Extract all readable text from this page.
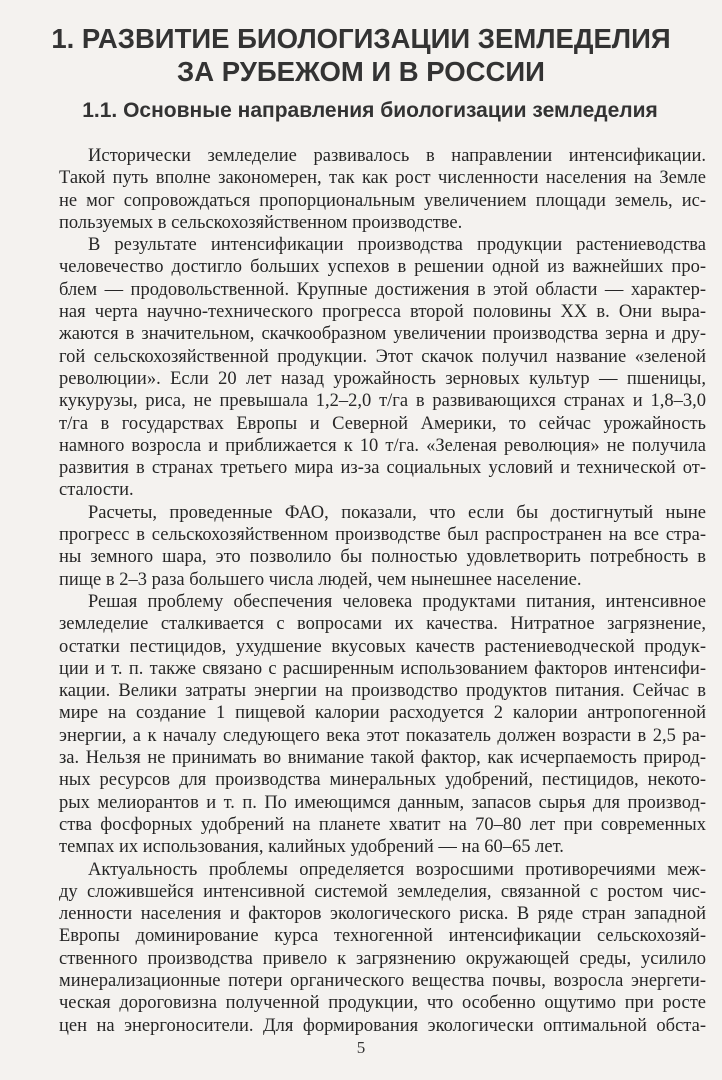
1. РАЗВИТИЕ БИОЛОГИЗАЦИИ ЗЕМЛЕДЕЛИЯ
ЗА РУБЕЖОМ И В РОССИИ
1.1. Основные направления биологизации земледелия
Исторически земледелие развивалось в направлении интенсификации.
Такой путь вполне закономерен, так как рост численности населения на Земле
не мог сопровождаться пропорциональным увеличением площади земель, ис-
пользуемых в сельскохозяйственном производстве.
В результате интенсификации производства продукции растениеводства
человечество достигло больших успехов в решении одной из важнейших про-
блем — продовольственной. Крупные достижения в этой области — характер-
ная черта научно-технического прогресса второй половины XX в. Они выра-
жаются в значительном, скачкообразном увеличении производства зерна и дру-
гой сельскохозяйственной продукции. Этот скачок получил название «зеленой
революции». Если 20 лет назад урожайность зерновых культур — пшеницы,
кукурузы, риса, не превышала 1,2–2,0 т/га в развивающихся странах и 1,8–3,0
т/га в государствах Европы и Северной Америки, то сейчас урожайность
намного возросла и приближается к 10 т/га. «Зеленая революция» не получила
развития в странах третьего мира из-за социальных условий и технической от-
сталости.
Расчеты, проведенные ФАО, показали, что если бы достигнутый ныне
прогресс в сельскохозяйственном производстве был распространен на все стра-
ны земного шара, это позволило бы полностью удовлетворить потребность в
пище в 2–3 раза большего числа людей, чем нынешнее население.
Решая проблему обеспечения человека продуктами питания, интенсивное
земледелие сталкивается с вопросами их качества. Нитратное загрязнение,
остатки пестицидов, ухудшение вкусовых качеств растениеводческой продук-
ции и т. п. также связано с расширенным использованием факторов интенсифи-
кации. Велики затраты энергии на производство продуктов питания. Сейчас в
мире на создание 1 пищевой калории расходуется 2 калории антропогенной
энергии, а к началу следующего века этот показатель должен возрасти в 2,5 ра-
за. Нельзя не принимать во внимание такой фактор, как исчерпаемость природ-
ных ресурсов для производства минеральных удобрений, пестицидов, некото-
рых мелиорантов и т. п. По имеющимся данным, запасов сырья для производ-
ства фосфорных удобрений на планете хватит на 70–80 лет при современных
темпах их использования, калийных удобрений — на 60–65 лет.
Актуальность проблемы определяется возросшими противоречиями меж-
ду сложившейся интенсивной системой земледелия, связанной с ростом чис-
ленности населения и факторов экологического риска. В ряде стран западной
Европы доминирование курса техногенной интенсификации сельскохозяй-
ственного производства привело к загрязнению окружающей среды, усилило
минерализационные потери органического вещества почвы, возросла энергети-
ческая дороговизна полученной продукции, что особенно ощутимо при росте
цен на энергоносители. Для формирования экологически оптимальной обста-
5
